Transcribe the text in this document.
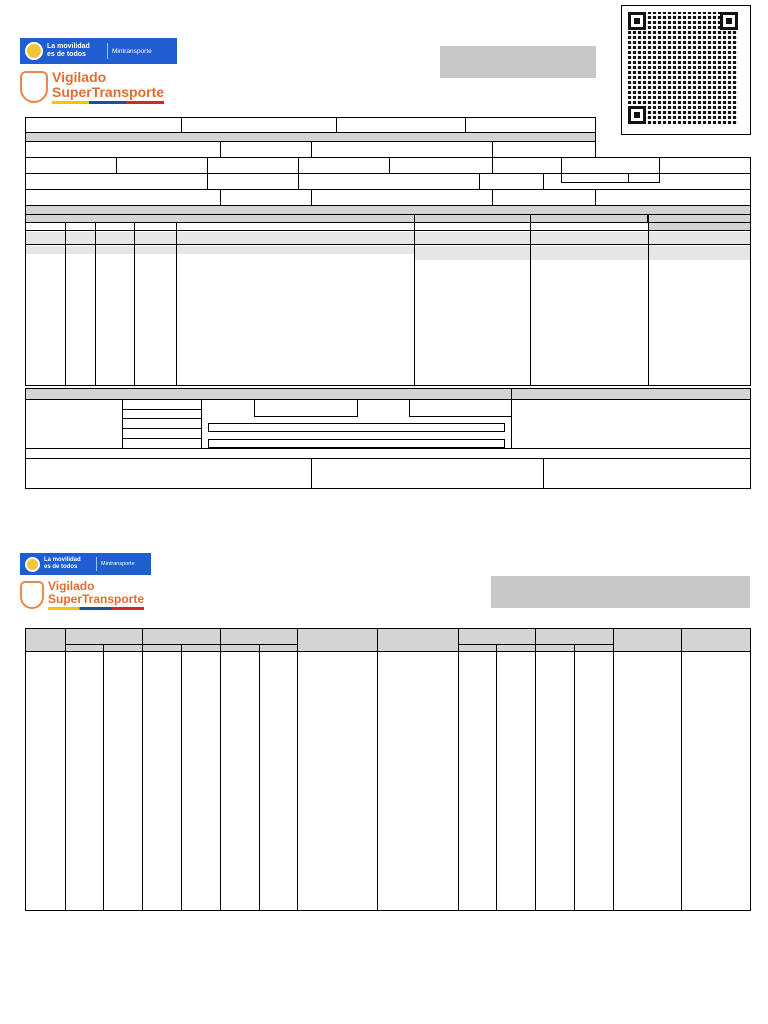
La movilidad
es de todos	Mintransporte
Vigilado
SuperTransporte
La movilidad
es de todos	Mintransporte
Vigilado
SuperTransporte
